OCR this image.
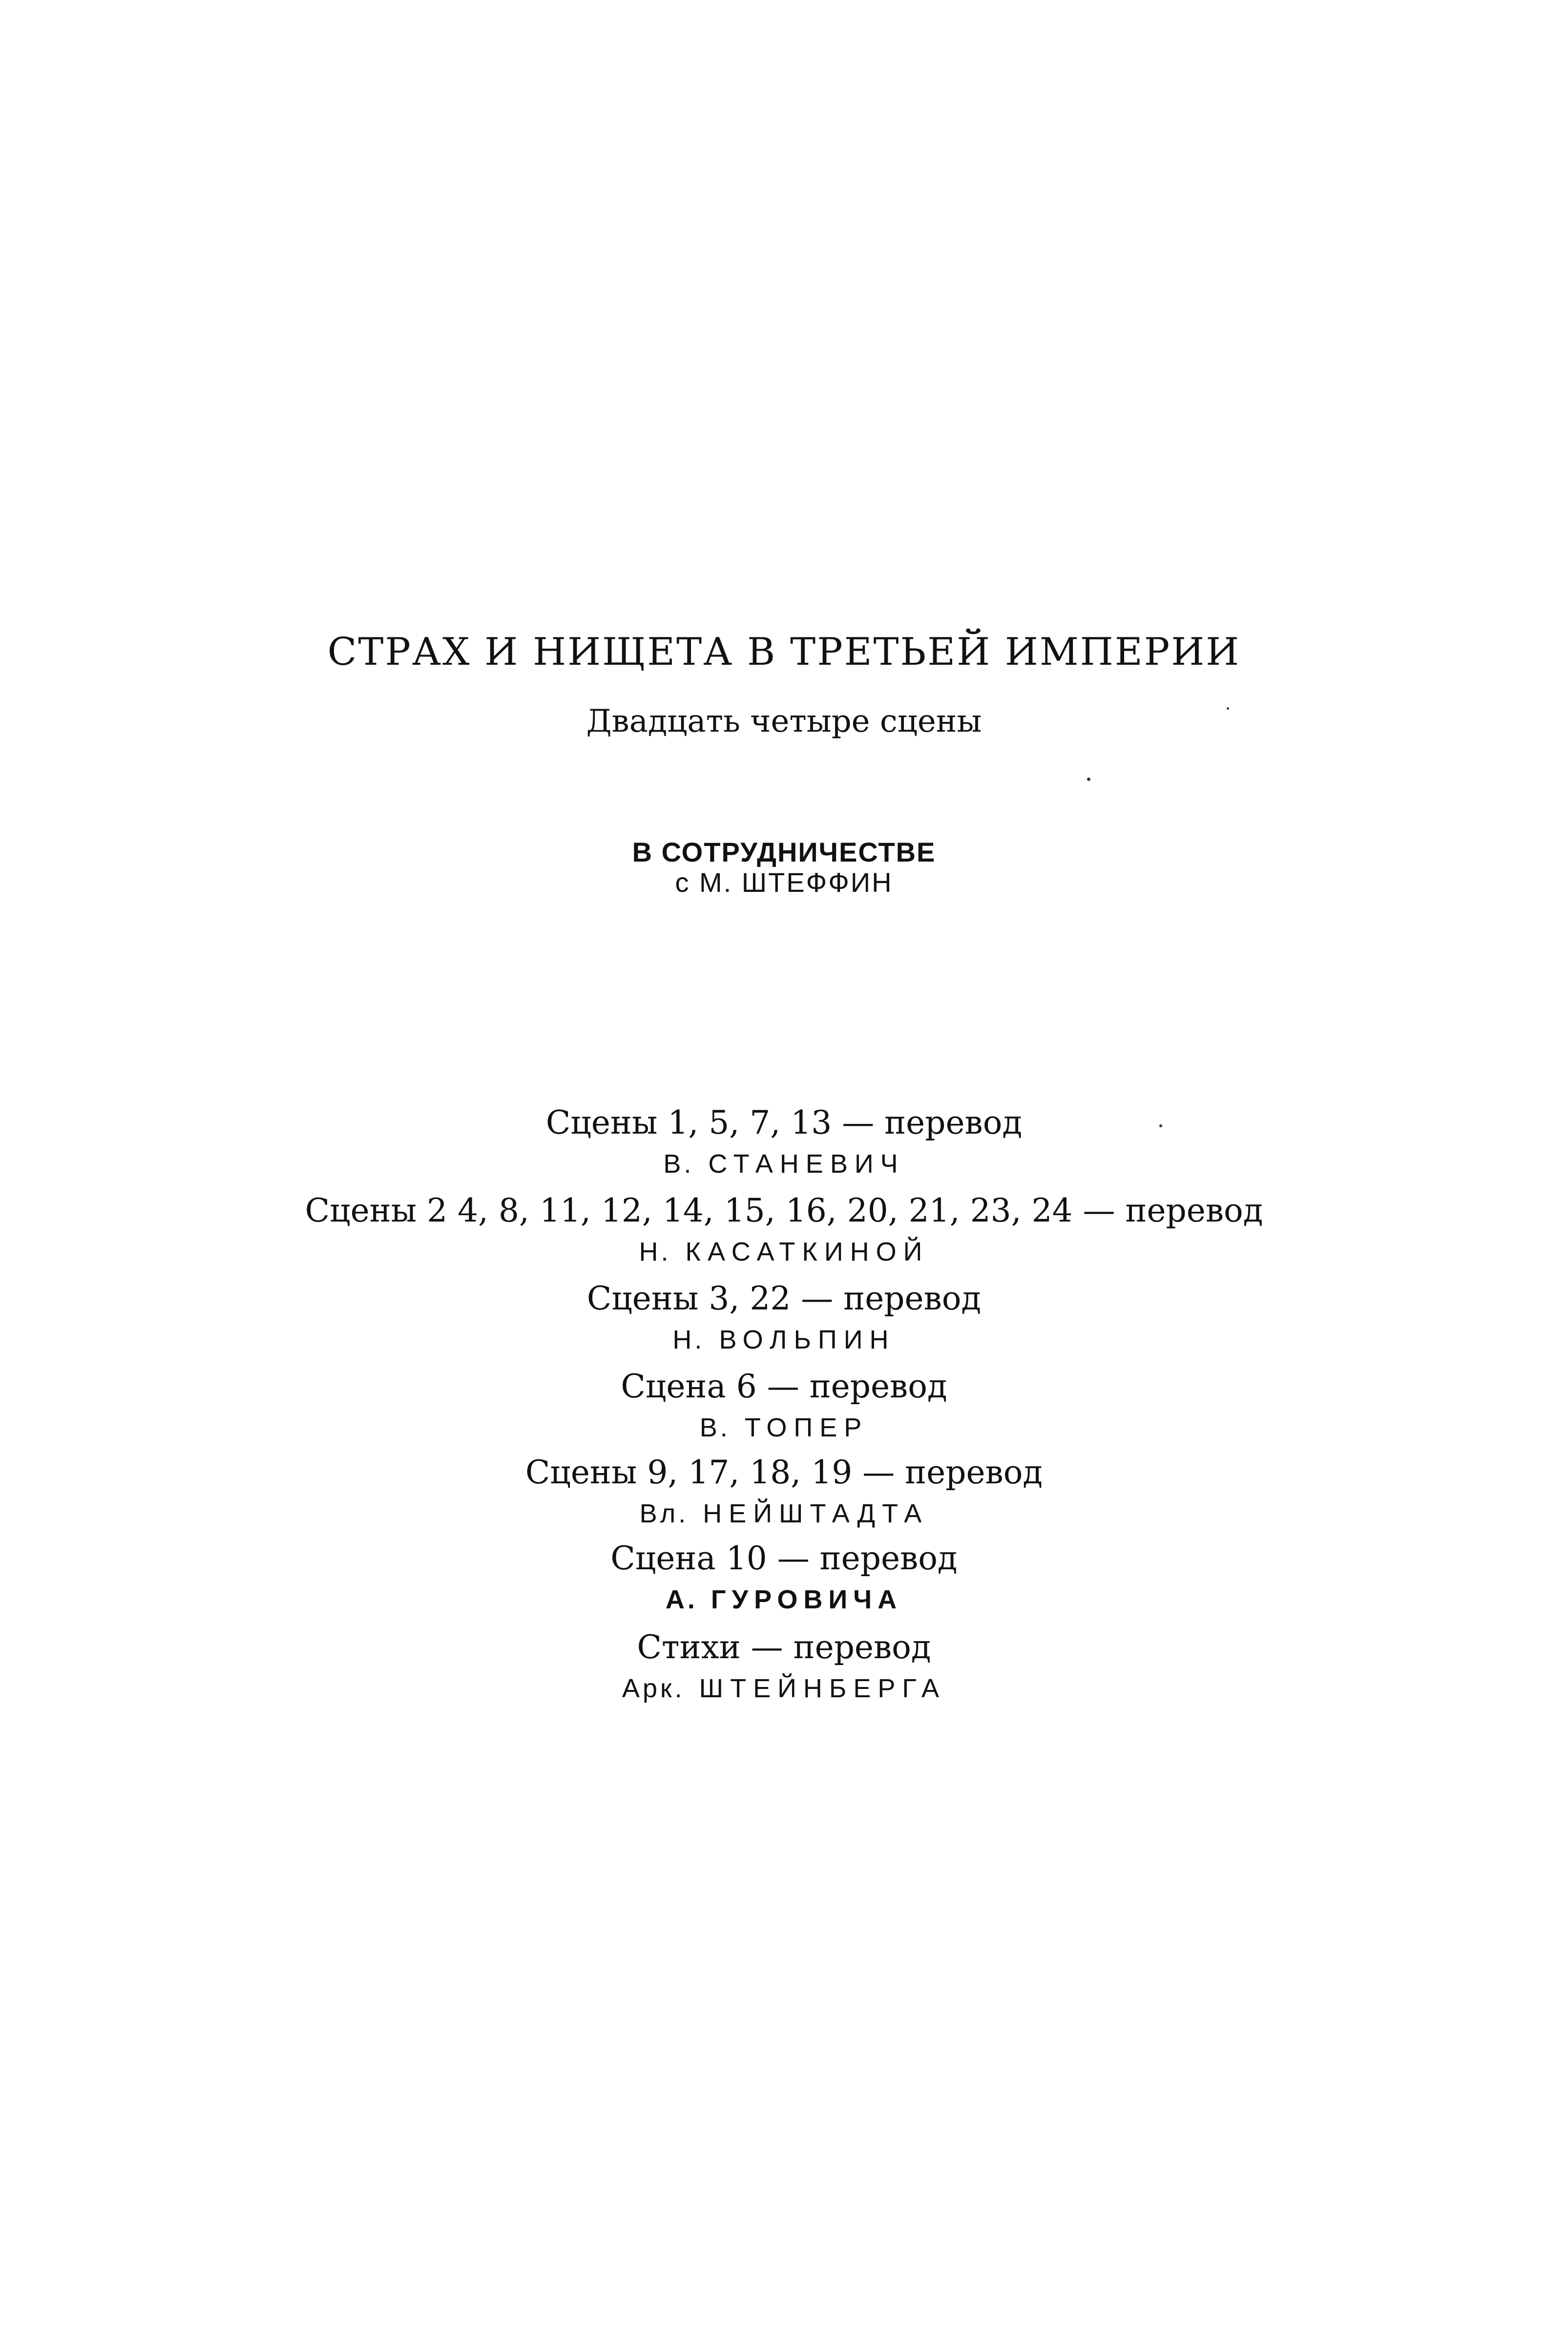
СТРАХ И НИЩЕТА В ТРЕТЬЕЙ ИМПЕРИИ
Двадцать четыре сцены
В СОТРУДНИЧЕСТВЕ
с М. ШТЕФФИН
Сцены 1, 5, 7, 13 — перевод
В. СТАНЕВИЧ
Сцены 2 4, 8, 11, 12, 14, 15, 16, 20, 21, 23, 24 — перевод
Н. КАСАТКИНОЙ
Сцены 3, 22 — перевод
Н. ВОЛЬПИН
Сцена 6 — перевод
В. ТОПЕР
Сцены 9, 17, 18, 19 — перевод
Вл. НЕЙШТАДТА
Сцена 10 — перевод
А. ГУРОВИЧА
Стихи — перевод
Арк. ШТЕЙНБЕРГА
